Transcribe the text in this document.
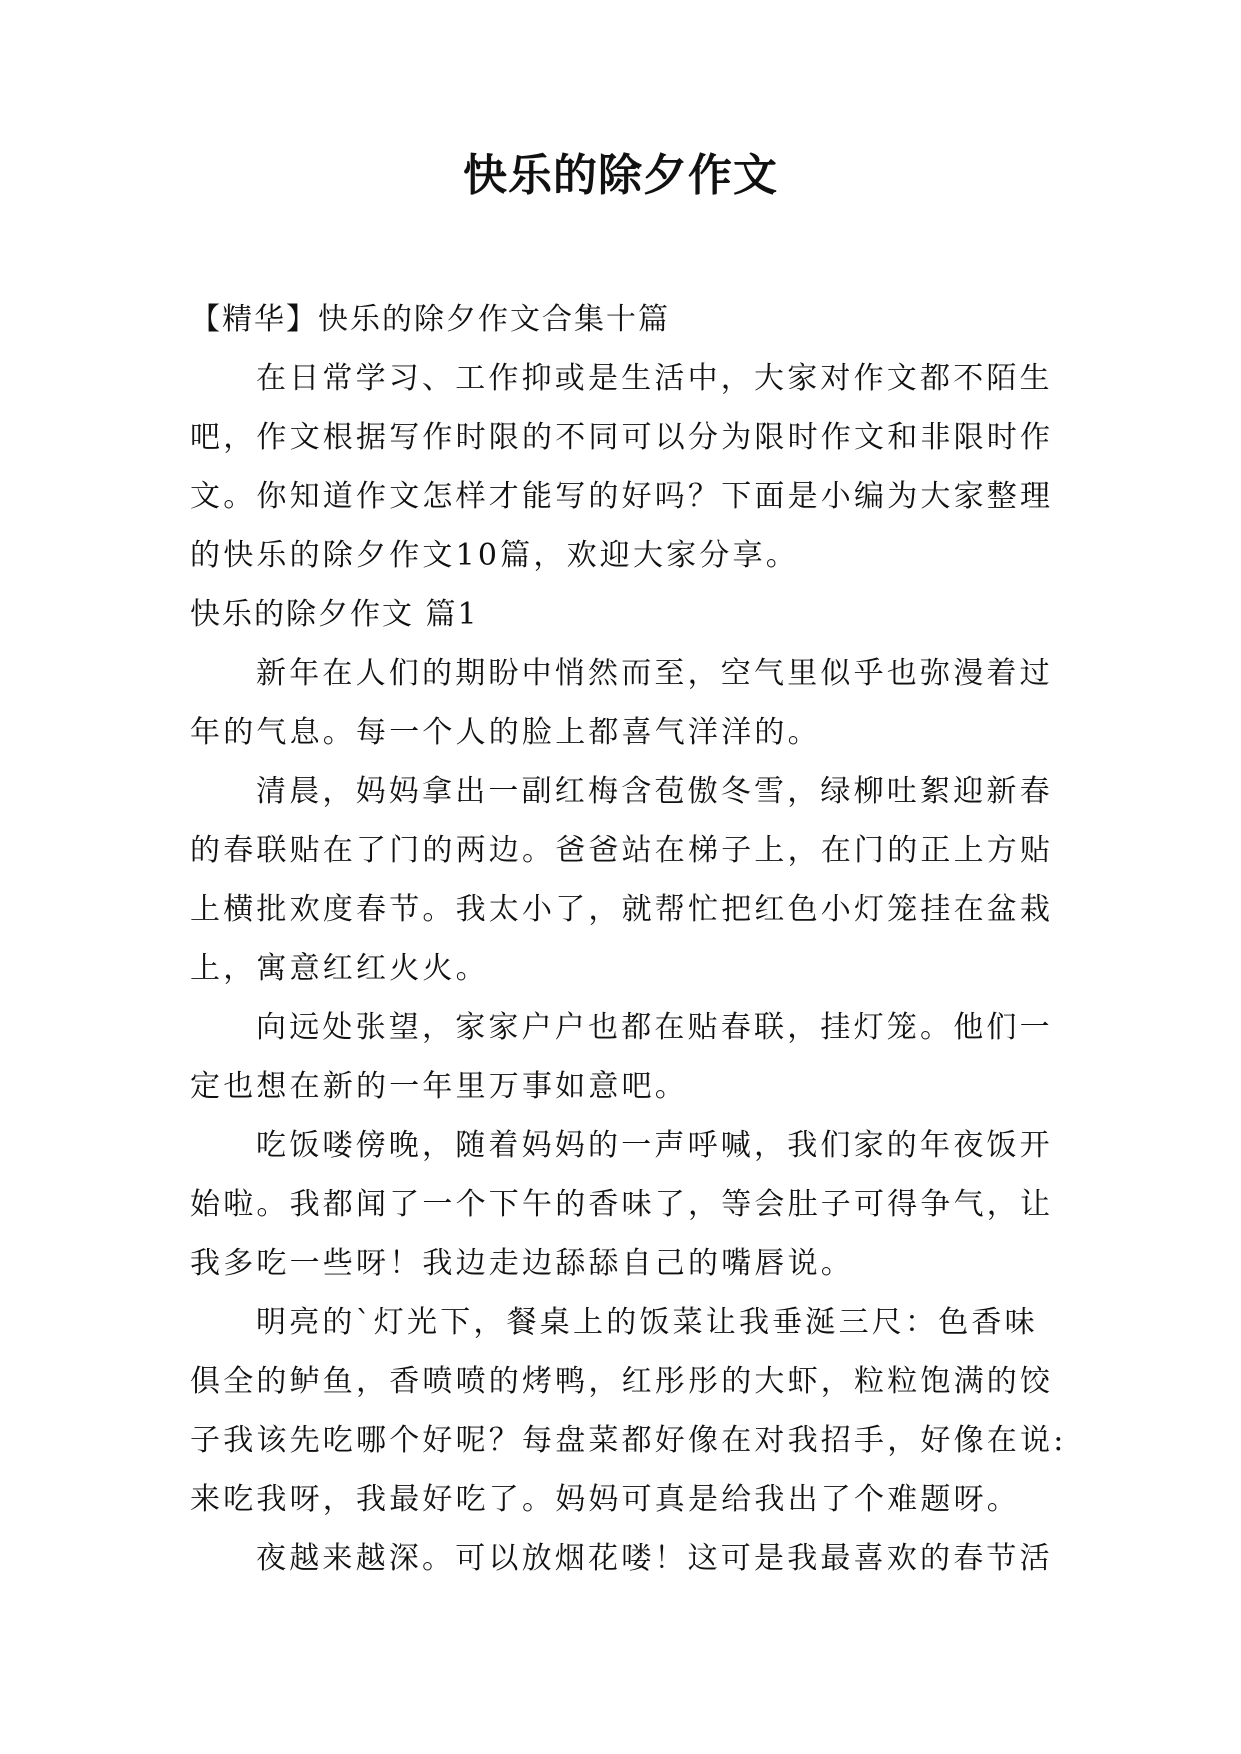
快乐的除夕作文
【精华】快乐的除夕作文合集十篇
在日常学习、工作抑或是生活中，大家对作文都不陌生
吧，作文根据写作时限的不同可以分为限时作文和非限时作
文。你知道作文怎样才能写的好吗？下面是小编为大家整理
的快乐的除夕作文10篇，欢迎大家分享。
快乐的除夕作文 篇1
新年在人们的期盼中悄然而至，空气里似乎也弥漫着过
年的气息。每一个人的脸上都喜气洋洋的。
清晨，妈妈拿出一副红梅含苞傲冬雪，绿柳吐絮迎新春
的春联贴在了门的两边。爸爸站在梯子上，在门的正上方贴
上横批欢度春节。我太小了，就帮忙把红色小灯笼挂在盆栽
上，寓意红红火火。
向远处张望，家家户户也都在贴春联，挂灯笼。他们一
定也想在新的一年里万事如意吧。
吃饭喽傍晚，随着妈妈的一声呼喊，我们家的年夜饭开
始啦。我都闻了一个下午的香味了，等会肚子可得争气，让
我多吃一些呀！我边走边舔舔自己的嘴唇说。
明亮的`灯光下，餐桌上的饭菜让我垂涎三尺：色香味
俱全的鲈鱼，香喷喷的烤鸭，红彤彤的大虾，粒粒饱满的饺
子我该先吃哪个好呢？每盘菜都好像在对我招手，好像在说:
来吃我呀，我最好吃了。妈妈可真是给我出了个难题呀。
夜越来越深。可以放烟花喽！这可是我最喜欢的春节活
